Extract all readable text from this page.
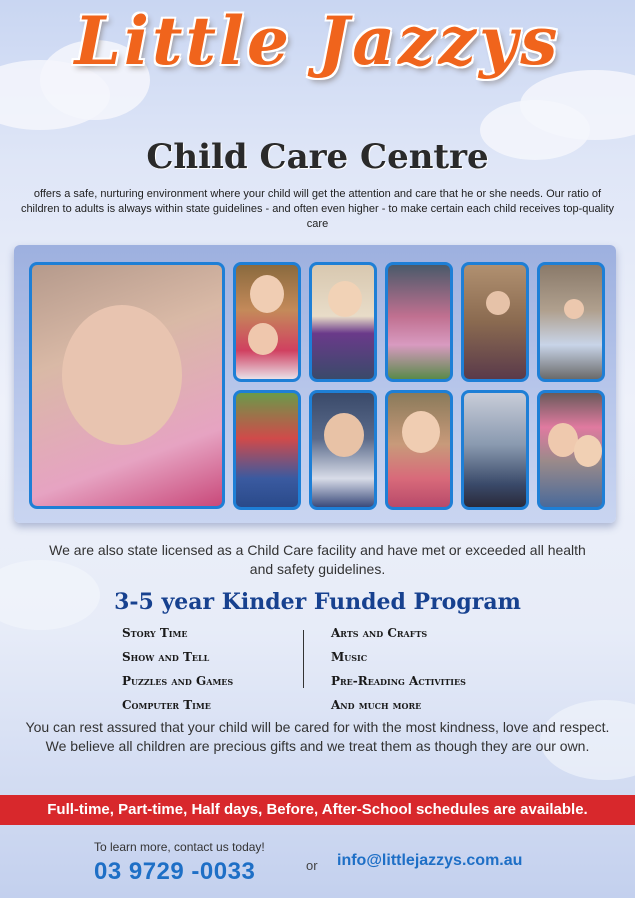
Little Jazzys
Child Care Centre
offers a safe, nurturing environment where your child will get the attention and care that he or she needs. Our ratio of children to adults is always within state guidelines - and often even higher - to make certain each child receives top-quality care
We are also state licensed as a Child Care facility and have met or exceeded all health and safety guidelines.
3-5 year Kinder Funded Program
Story Time
Show and Tell
Puzzles and Games
Computer Time
Arts and Crafts
Music
Pre-Reading Activities
And much more
You can rest assured that your child will be cared for with the most kindness, love and respect. We believe all children are precious gifts and we treat them as though they are our own.
Full-time, Part-time, Half days, Before, After-School schedules are available.
To learn more, contact us today!
03 9729 -0033	or info@littlejazzys.com.au
